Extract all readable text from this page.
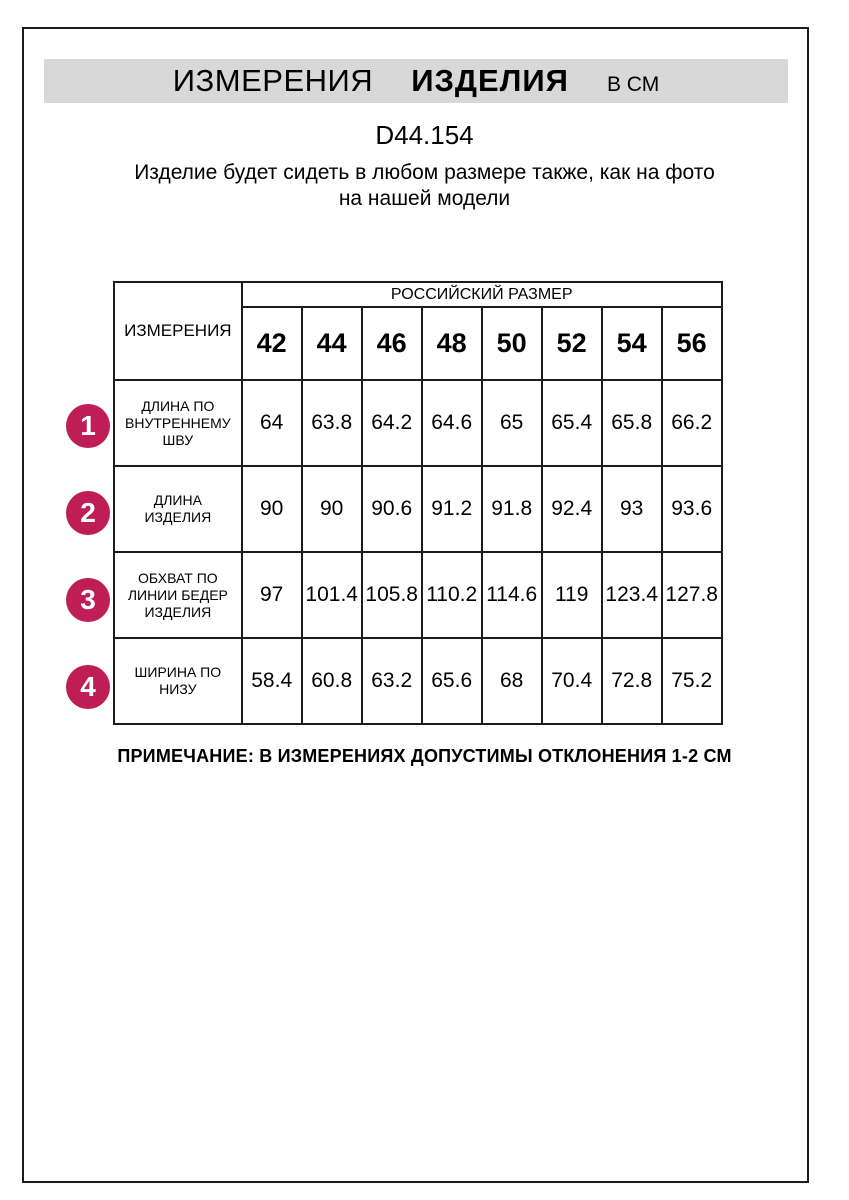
ИЗМЕРЕНИЯ ИЗДЕЛИЯ В СМ
D44.154
Изделие будет сидеть в любом размере также, как на фото на нашей модели
ИЗМЕРЕНИЯ	РОССИЙСКИЙ РАЗМЕР							
	42	44	46	48	50	52	54	56
ДЛИНА ПО ВНУТРЕННЕМУ ШВУ	64	63.8	64.2	64.6	65	65.4	65.8	66.2
ДЛИНА ИЗДЕЛИЯ	90	90	90.6	91.2	91.8	92.4	93	93.6
ОБХВАТ ПО ЛИНИИ БЕДЕР ИЗДЕЛИЯ	97	101.4	105.8	110.2	114.6	119	123.4	127.8
ШИРИНА ПО НИЗУ	58.4	60.8	63.2	65.6	68	70.4	72.8	75.2
1
2
3
4
ПРИМЕЧАНИЕ: В ИЗМЕРЕНИЯХ ДОПУСТИМЫ ОТКЛОНЕНИЯ 1-2 СМ
